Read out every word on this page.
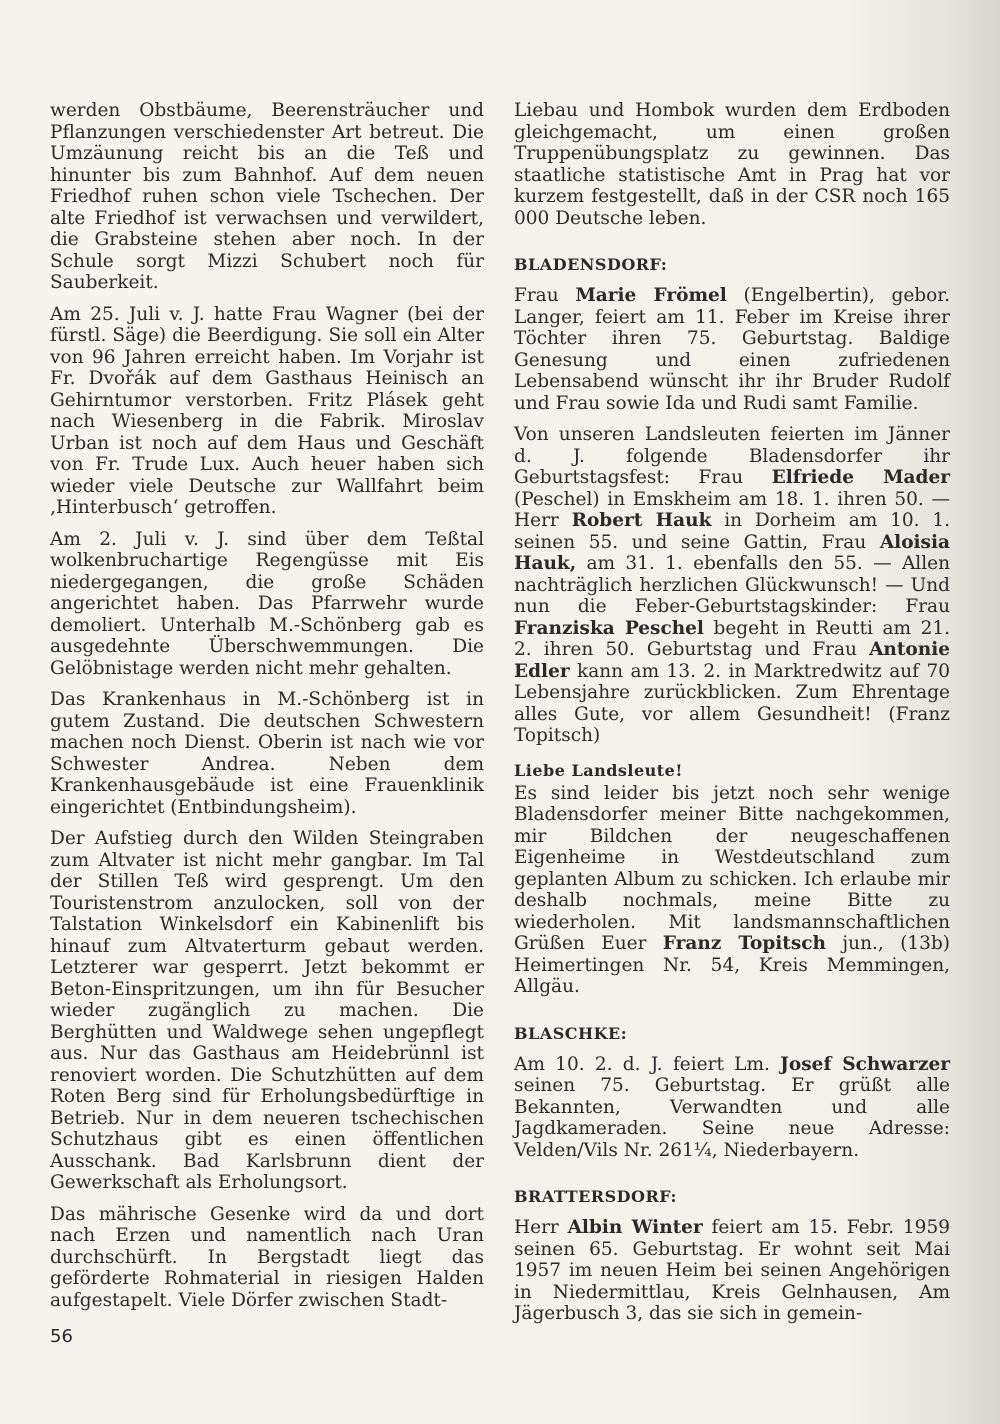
werden Obstbäume, Beerensträucher und Pflanzungen verschiedenster Art betreut. Die Umzäunung reicht bis an die Teß und hinunter bis zum Bahnhof. Auf dem neuen Friedhof ruhen schon viele Tschechen. Der alte Friedhof ist verwachsen und verwildert, die Grabsteine stehen aber noch. In der Schule sorgt Mizzi Schubert noch für Sauberkeit.

Am 25. Juli v. J. hatte Frau Wagner (bei der fürstl. Säge) die Beerdigung. Sie soll ein Alter von 96 Jahren erreicht haben. Im Vorjahr ist Fr. Dvořák auf dem Gasthaus Heinisch an Gehirntumor verstorben. Fritz Plásek geht nach Wiesenberg in die Fabrik. Miroslav Urban ist noch auf dem Haus und Geschäft von Fr. Trude Lux. Auch heuer haben sich wieder viele Deutsche zur Wallfahrt beim ‚Hinterbusch‘ getroffen.

Am 2. Juli v. J. sind über dem Teßtal wolkenbruchartige Regengüsse mit Eis niedergegangen, die große Schäden angerichtet haben. Das Pfarrwehr wurde demoliert. Unterhalb M.-Schönberg gab es ausgedehnte Überschwemmungen. Die Gelöbnistage werden nicht mehr gehalten.

Das Krankenhaus in M.-Schönberg ist in gutem Zustand. Die deutschen Schwestern machen noch Dienst. Oberin ist nach wie vor Schwester Andrea. Neben dem Krankenhausgebäude ist eine Frauenklinik eingerichtet (Entbindungsheim).

Der Aufstieg durch den Wilden Steingraben zum Altvater ist nicht mehr gangbar. Im Tal der Stillen Teß wird gesprengt. Um den Touristenstrom anzulocken, soll von der Talstation Winkelsdorf ein Kabinenlift bis hinauf zum Altvaterturm gebaut werden. Letzterer war gesperrt. Jetzt bekommt er Beton-Einspritzungen, um ihn für Besucher wieder zugänglich zu machen. Die Berghütten und Waldwege sehen ungepflegt aus. Nur das Gasthaus am Heidebrünnl ist renoviert worden. Die Schutzhütten auf dem Roten Berg sind für Erholungsbedürftige in Betrieb. Nur in dem neueren tschechischen Schutzhaus gibt es einen öffentlichen Ausschank. Bad Karlsbrunn dient der Gewerkschaft als Erholungsort.

Das mährische Gesenke wird da und dort nach Erzen und namentlich nach Uran durchschürft. In Bergstadt liegt das geförderte Rohmaterial in riesigen Halden aufgestapelt. Viele Dörfer zwischen Stadt-

Liebau und Hombok wurden dem Erdboden gleichgemacht, um einen großen Truppenübungsplatz zu gewinnen. Das staatliche statistische Amt in Prag hat vor kurzem festgestellt, daß in der CSR noch 165 000 Deutsche leben.

BLADENSDORF:

Frau Marie Frömel (Engelbertin), gebor. Langer, feiert am 11. Feber im Kreise ihrer Töchter ihren 75. Geburtstag. Baldige Genesung und einen zufriedenen Lebensabend wünscht ihr ihr Bruder Rudolf und Frau sowie Ida und Rudi samt Familie.

Von unseren Landsleuten feierten im Jänner d. J. folgende Bladensdorfer ihr Geburtstagsfest: Frau Elfriede Mader (Peschel) in Emskheim am 18. 1. ihren 50. — Herr Robert Hauk in Dorheim am 10. 1. seinen 55. und seine Gattin, Frau Aloisia Hauk, am 31. 1. ebenfalls den 55. — Allen nachträglich herzlichen Glückwunsch! — Und nun die Feber-Geburtstagskinder: Frau Franziska Peschel begeht in Reutti am 21. 2. ihren 50. Geburtstag und Frau Antonie Edler kann am 13. 2. in Marktredwitz auf 70 Lebensjahre zurückblicken. Zum Ehrentage alles Gute, vor allem Gesundheit! (Franz Topitsch)

Liebe Landsleute!

Es sind leider bis jetzt noch sehr wenige Bladensdorfer meiner Bitte nachgekommen, mir Bildchen der neugeschaffenen Eigenheime in Westdeutschland zum geplanten Album zu schicken. Ich erlaube mir deshalb nochmals, meine Bitte zu wiederholen. Mit landsmannschaftlichen Grüßen Euer Franz Topitsch jun., (13b) Heimertingen Nr. 54, Kreis Memmingen, Allgäu.

BLASCHKE:

Am 10. 2. d. J. feiert Lm. Josef Schwarzer seinen 75. Geburtstag. Er grüßt alle Bekannten, Verwandten und alle Jagdkameraden. Seine neue Adresse: Velden/Vils Nr. 261¼, Niederbayern.

BRATTERSDORF:

Herr Albin Winter feiert am 15. Febr. 1959 seinen 65. Geburtstag. Er wohnt seit Mai 1957 im neuen Heim bei seinen Angehörigen in Niedermittlau, Kreis Gelnhausen, Am Jägerbusch 3, das sie sich in gemein-

56
